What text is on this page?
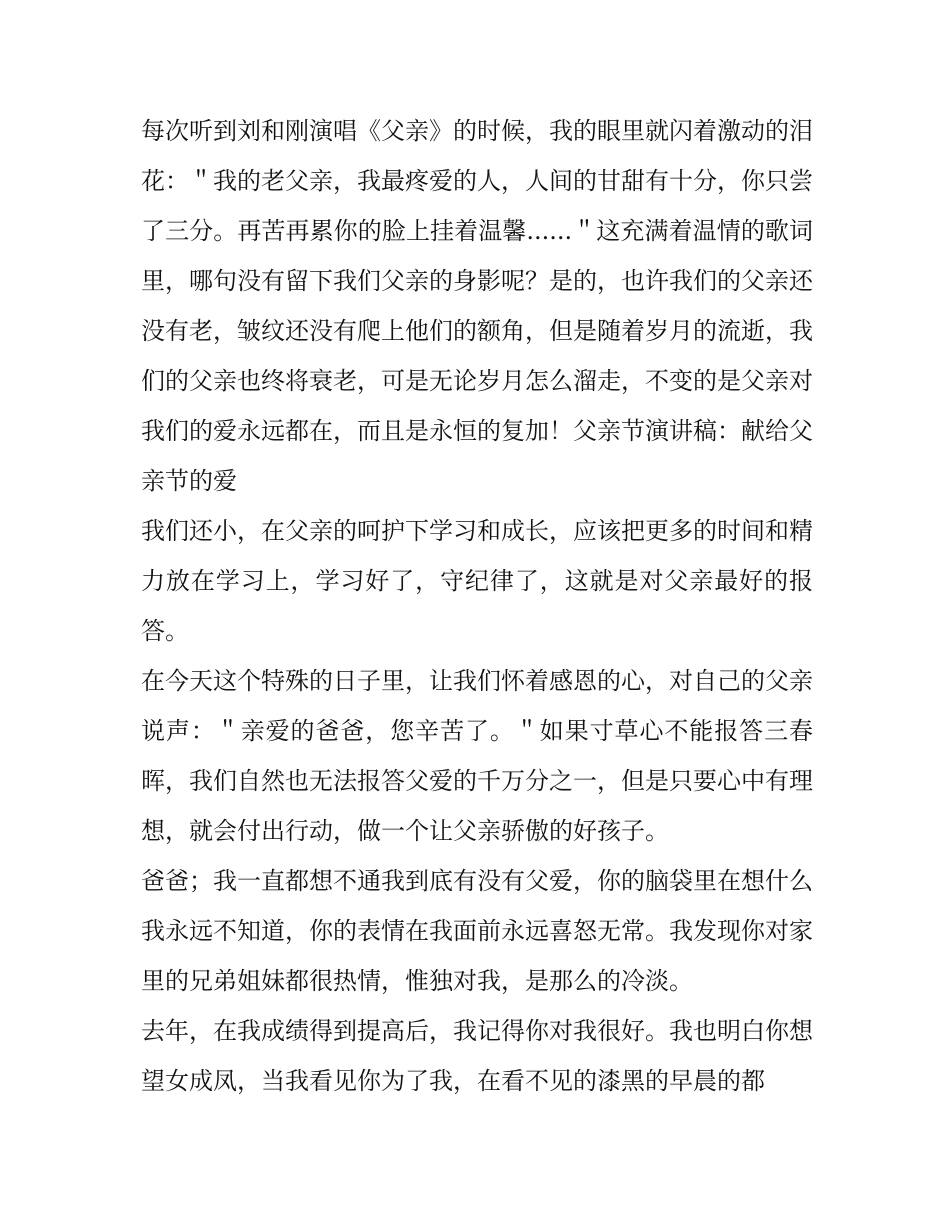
每次听到刘和刚演唱《父亲》的时候，我的眼里就闪着激动的泪花：＂我的老父亲，我最疼爱的人，人间的甘甜有十分，你只尝了三分。再苦再累你的脸上挂着温馨......＂这充满着温情的歌词里，哪句没有留下我们父亲的身影呢？是的，也许我们的父亲还没有老，皱纹还没有爬上他们的额角，但是随着岁月的流逝，我们的父亲也终将衰老，可是无论岁月怎么溜走，不变的是父亲对我们的爱永远都在，而且是永恒的复加！父亲节演讲稿：献给父亲节的爱

我们还小，在父亲的呵护下学习和成长，应该把更多的时间和精力放在学习上，学习好了，守纪律了，这就是对父亲最好的报答。

在今天这个特殊的日子里，让我们怀着感恩的心，对自己的父亲说声：＂亲爱的爸爸，您辛苦了。＂如果寸草心不能报答三春晖，我们自然也无法报答父爱的千万分之一，但是只要心中有理想，就会付出行动，做一个让父亲骄傲的好孩子。

爸爸；我一直都想不通我到底有没有父爱，你的脑袋里在想什么我永远不知道，你的表情在我面前永远喜怒无常。我发现你对家里的兄弟姐妹都很热情，惟独对我，是那么的冷淡。

去年，在我成绩得到提高后，我记得你对我很好。我也明白你想望女成凤，当我看见你为了我，在看不见的漆黑的早晨的都
